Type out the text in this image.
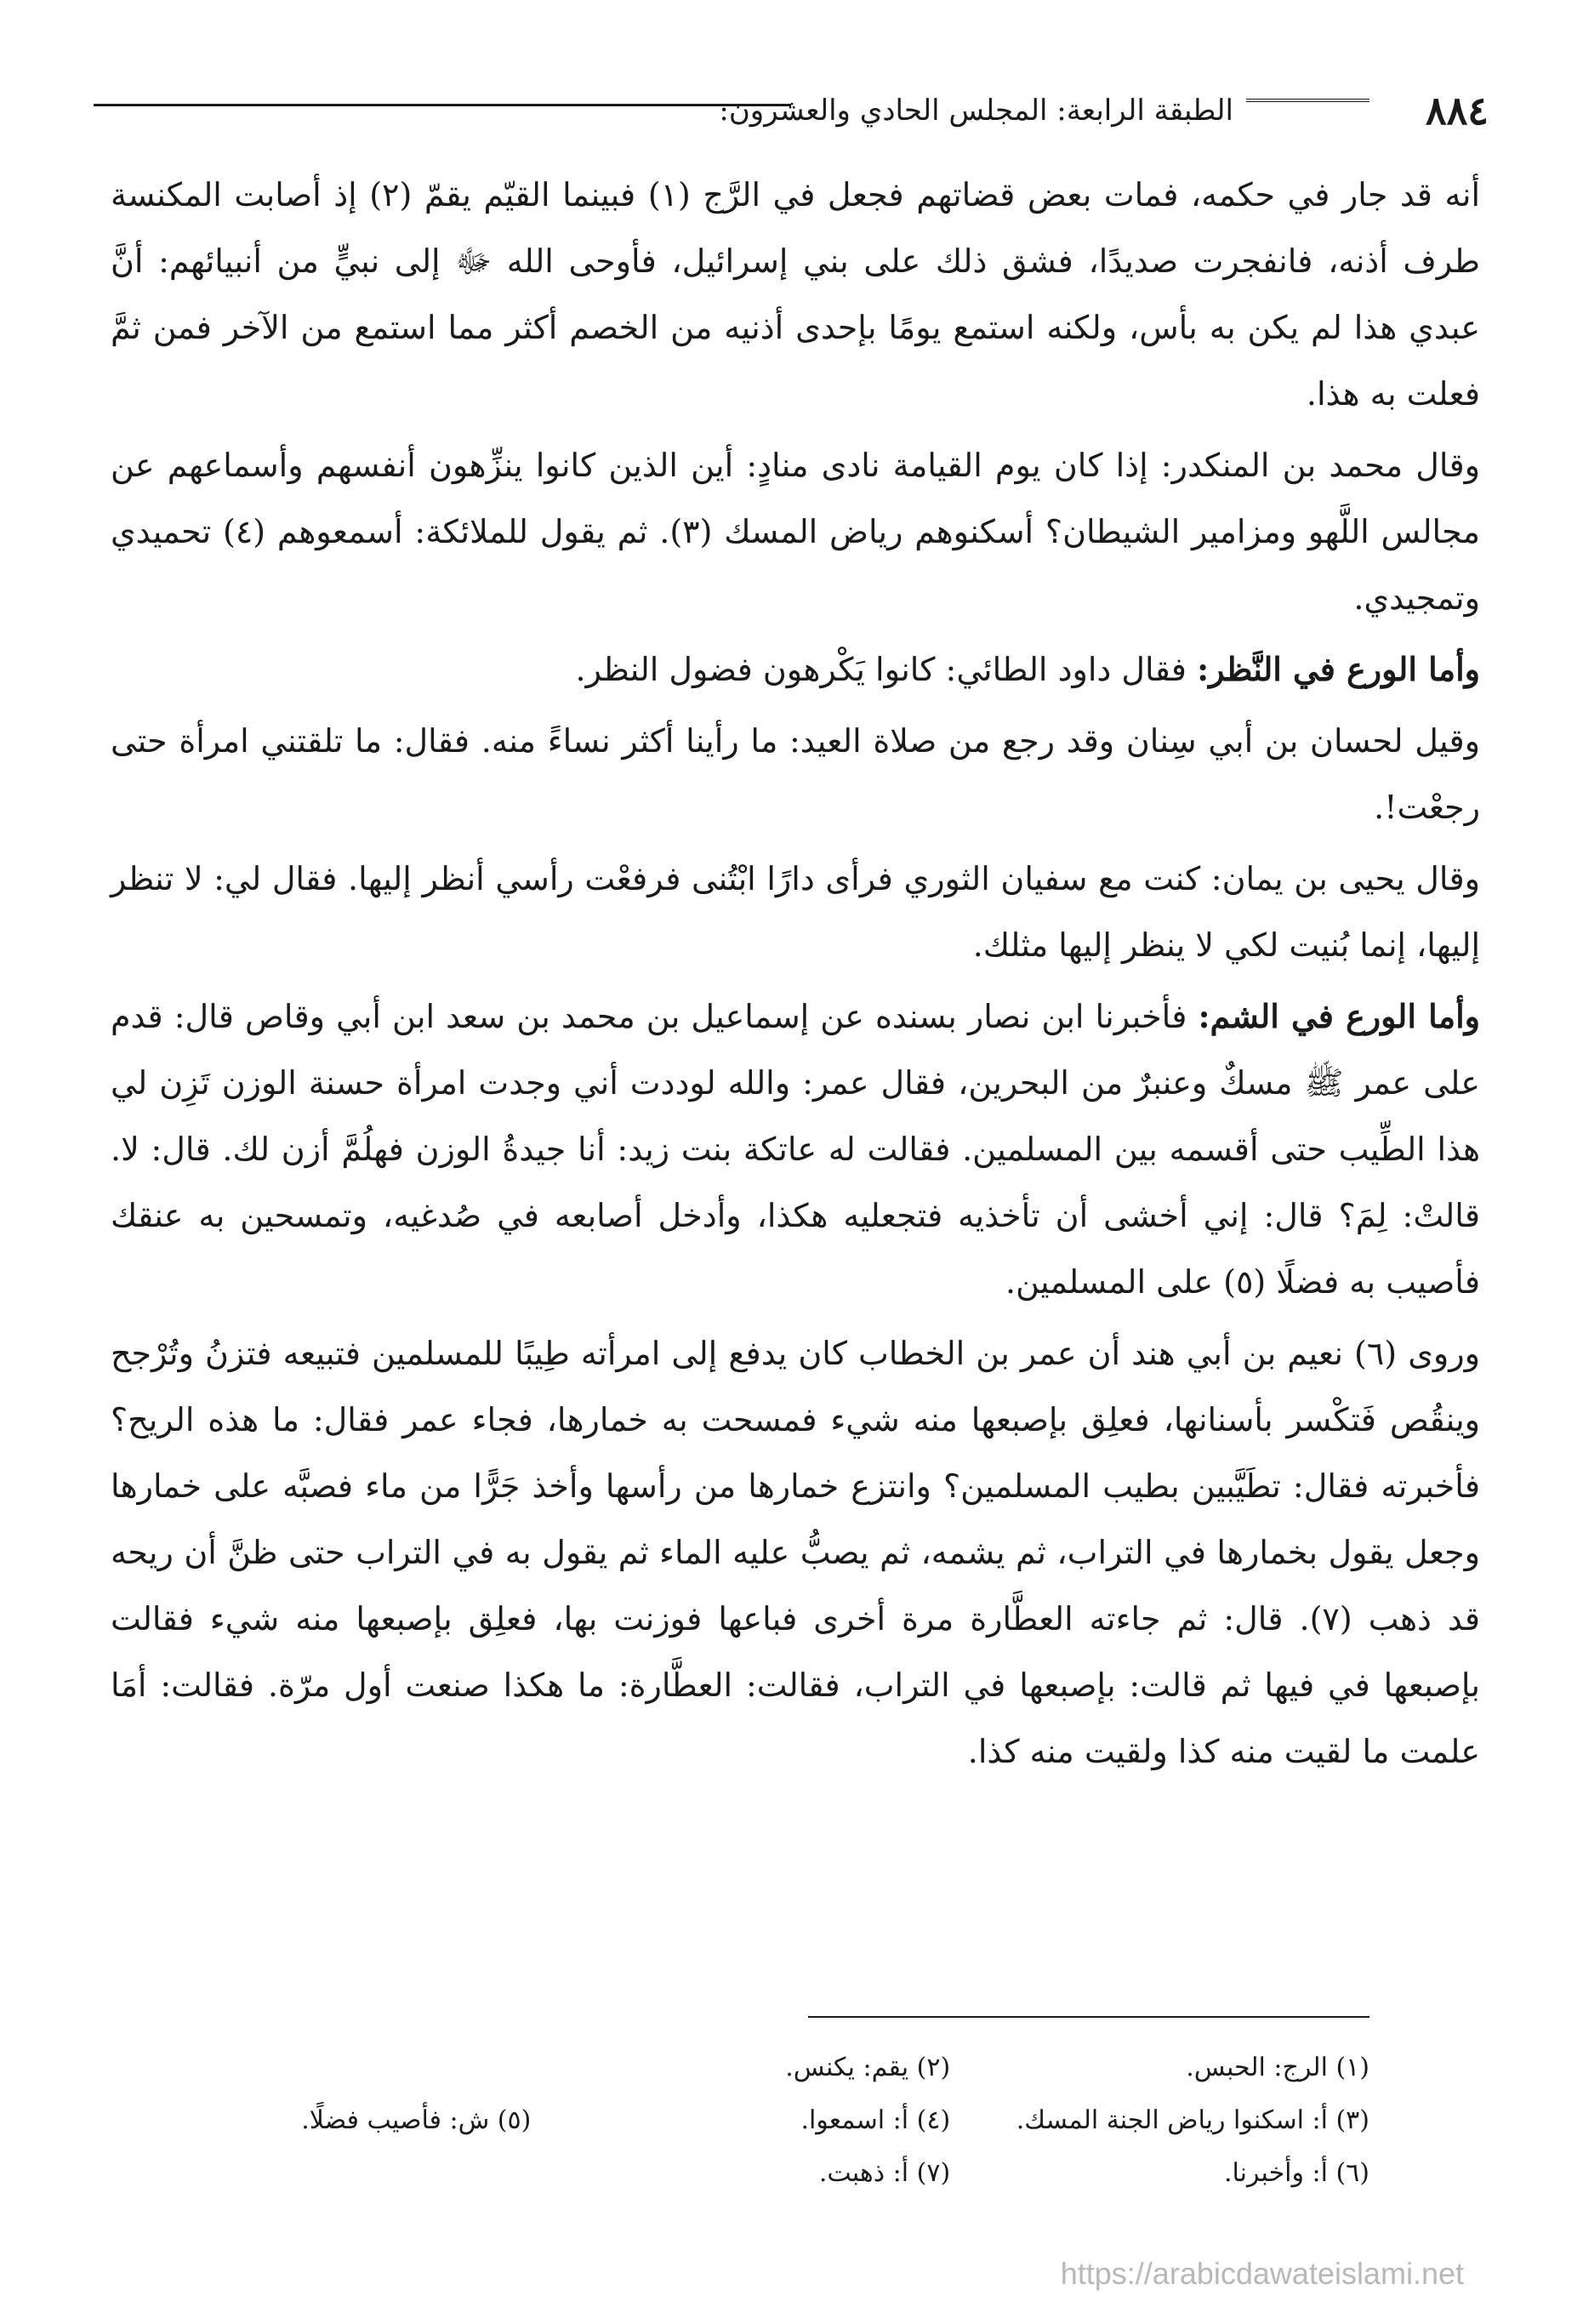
٨٨٤
الطبقة الرابعة: المجلس الحادي والعشرون:

أنه قد جار في حكمه، فمات بعض قضاتهم فجعل في الرَّج (١) فبينما القيّم يقمّ (٢) إذ أصابت المكنسة طرف أذنه، فانفجرت صديدًا، فشق ذلك على بني إسرائيل، فأوحى الله ﷻ إلى نبيٍّ من أنبيائهم: أنَّ عبدي هذا لم يكن به بأس، ولكنه استمع يومًا بإحدى أذنيه من الخصم أكثر مما استمع من الآخر فمن ثمَّ فعلت به هذا.

وقال محمد بن المنكدر: إذا كان يوم القيامة نادى منادٍ: أين الذين كانوا ينزِّهون أنفسهم وأسماعهم عن مجالس اللَّهو ومزامير الشيطان؟ أسكنوهم رياض المسك (٣). ثم يقول للملائكة: أسمعوهم (٤) تحميدي وتمجيدي.

وأما الورع في النَّظر: فقال داود الطائي: كانوا يَكْرهون فضول النظر.

وقيل لحسان بن أبي سِنان وقد رجع من صلاة العيد: ما رأينا أكثر نساءً منه. فقال: ما تلقتني امرأة حتى رجعْت!.

وقال يحيى بن يمان: كنت مع سفيان الثوري فرأى دارًا ابْتُنى فرفعْت رأسي أنظر إليها. فقال لي: لا تنظر إليها، إنما بُنيت لكي لا ينظر إليها مثلك.

وأما الورع في الشم: فأخبرنا ابن نصار بسنده عن إسماعيل بن محمد بن سعد ابن أبي وقاص قال: قدم على عمر ﷺ مسكٌ وعنبرٌ من البحرين، فقال عمر: والله لوددت أني وجدت امرأة حسنة الوزن تَزِن لي هذا الطِّيب حتى أقسمه بين المسلمين. فقالت له عاتكة بنت زيد: أنا جيدةُ الوزن فهلُمَّ أزن لك. قال: لا. قالتْ: لِمَ؟ قال: إني أخشى أن تأخذيه فتجعليه هكذا، وأدخل أصابعه في صُدغيه، وتمسحين به عنقك فأصيب به فضلًا (٥) على المسلمين.

وروى (٦) نعيم بن أبي هند أن عمر بن الخطاب كان يدفع إلى امرأته طِيبًا للمسلمين فتبيعه فتزنُ وتُرْجح وينقُص فَتكْسر بأسنانها، فعلِق بإصبعها منه شيء فمسحت به خمارها، فجاء عمر فقال: ما هذه الريح؟ فأخبرته فقال: تطَيَّبين بطيب المسلمين؟ وانتزع خمارها من رأسها وأخذ جَرًّا من ماء فصبَّه على خمارها وجعل يقول بخمارها في التراب، ثم يشمه، ثم يصبُّ عليه الماء ثم يقول به في التراب حتى ظنَّ أن ريحه قد ذهب (٧). قال: ثم جاءته العطَّارة مرة أخرى فباعها فوزنت بها، فعلِق بإصبعها منه شيء فقالت بإصبعها في فيها ثم قالت: بإصبعها في التراب، فقالت: العطَّارة: ما هكذا صنعت أول مرّة. فقالت: أمَا علمت ما لقيت منه كذا ولقيت منه كذا.

(١) الرج: الحبس.
(٢) يقم: يكنس.
(٣) أ: اسكنوا رياض الجنة المسك.
(٤) أ: اسمعوا.
(٥) ش: فأصيب فضلًا.
(٦) أ: وأخبرنا.
(٧) أ: ذهبت.
https://arabicdawateislami.net
